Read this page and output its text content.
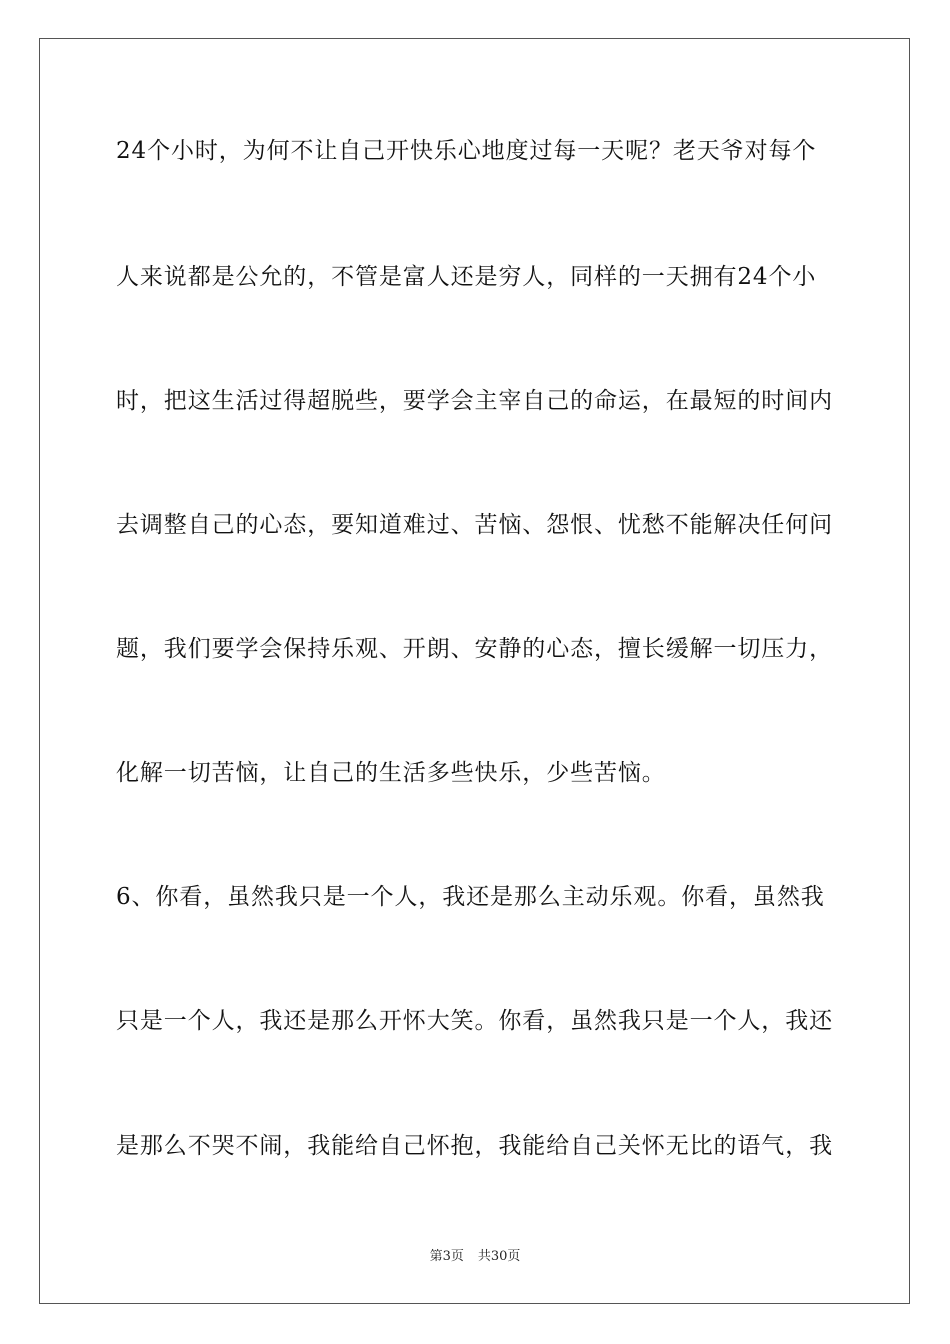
24个小时，为何不让自己开快乐心地度过每一天呢？老天爷对每个
人来说都是公允的，不管是富人还是穷人，同样的一天拥有24个小
时，把这生活过得超脱些，要学会主宰自己的命运，在最短的时间内
去调整自己的心态，要知道难过、苦恼、怨恨、忧愁不能解决任何问
题，我们要学会保持乐观、开朗、安静的心态，擅长缓解一切压力，
化解一切苦恼，让自己的生活多些快乐，少些苦恼。
6、你看，虽然我只是一个人，我还是那么主动乐观。你看，虽然我
只是一个人，我还是那么开怀大笑。你看，虽然我只是一个人，我还
是那么不哭不闹，我能给自己怀抱，我能给自己关怀无比的语气，我
第3页 共30页
